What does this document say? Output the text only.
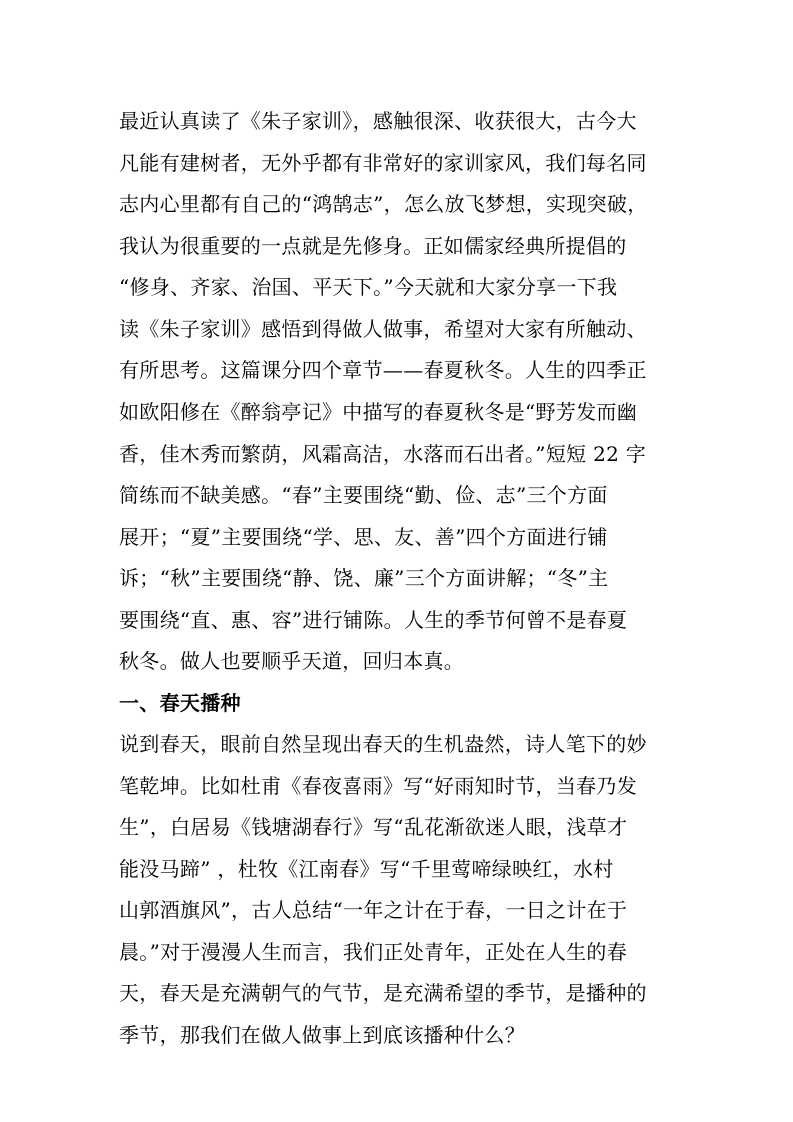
最近认真读了《朱子家训》，感触很深、收获很大，古今大
凡能有建树者，无外乎都有非常好的家训家风，我们每名同
志内心里都有自己的“鸿鹄志”，怎么放飞梦想，实现突破，
我认为很重要的一点就是先修身。正如儒家经典所提倡的
“修身、齐家、治国、平天下。”今天就和大家分享一下我
读《朱子家训》感悟到得做人做事，希望对大家有所触动、
有所思考。这篇课分四个章节——春夏秋冬。人生的四季正
如欧阳修在《醉翁亭记》中描写的春夏秋冬是“野芳发而幽
香，佳木秀而繁荫，风霜高洁，水落而石出者。”短短 22 字
简练而不缺美感。“春”主要围绕“勤、俭、志”三个方面
展开；“夏”主要围绕“学、思、友、善”四个方面进行铺
诉；“秋”主要围绕“静、饶、廉”三个方面讲解；“冬”主
要围绕“直、惠、容”进行铺陈。人生的季节何曾不是春夏
秋冬。做人也要顺乎天道，回归本真。
一、春天播种
说到春天，眼前自然呈现出春天的生机盎然，诗人笔下的妙
笔乾坤。比如杜甫《春夜喜雨》写“好雨知时节，当春乃发
生”，白居易《钱塘湖春行》写“乱花渐欲迷人眼，浅草才
能没马蹄” ，杜牧《江南春》写“千里莺啼绿映红，水村
山郭酒旗风”，古人总结“一年之计在于春，一日之计在于
晨。”对于漫漫人生而言，我们正处青年，正处在人生的春
天，春天是充满朝气的气节，是充满希望的季节，是播种的
季节，那我们在做人做事上到底该播种什么？
